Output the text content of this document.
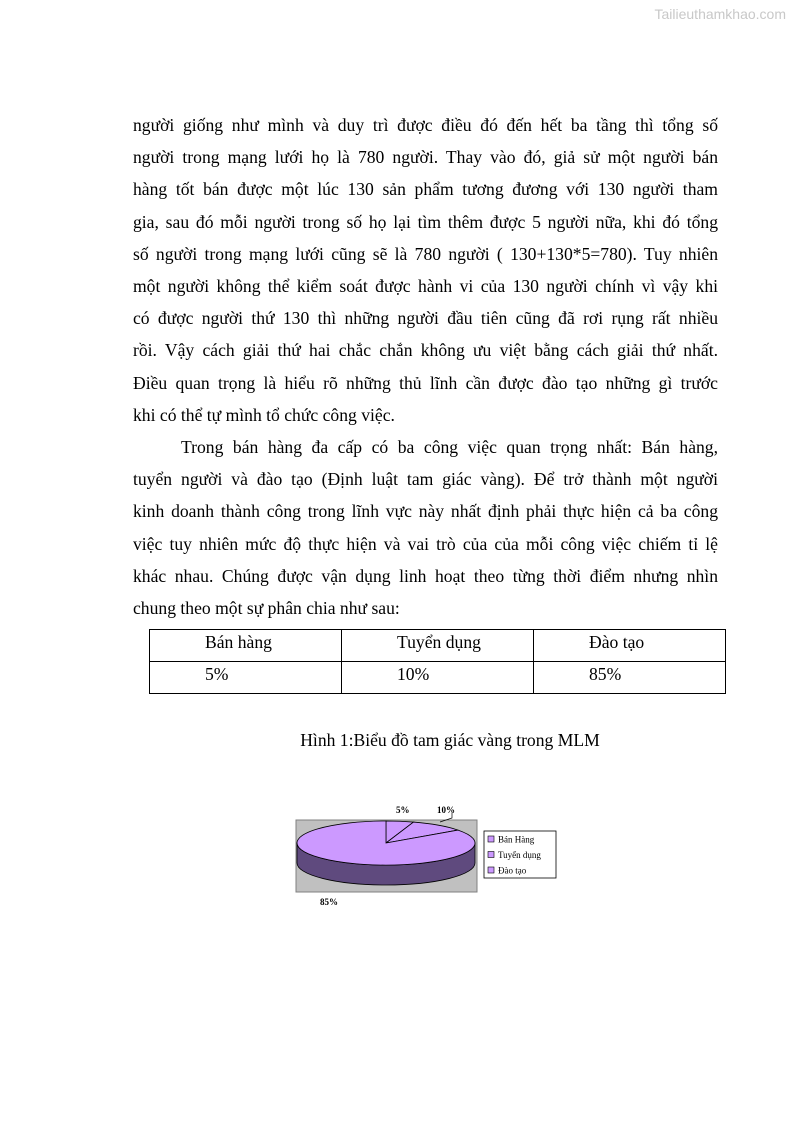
Tailieuthamkhao.com
người giống như mình và duy trì được điều đó đến hết ba tầng thì tổng số
người trong mạng lưới họ là 780 người. Thay vào đó, giả sử một người bán
hàng tốt bán được một lúc 130 sản phẩm tương đương với 130 người tham
gia, sau đó mỗi người trong số họ lại tìm thêm được 5 người nữa, khi đó tổng
số người trong mạng lưới cũng sẽ là 780 người ( 130+130*5=780). Tuy nhiên
một người không thể kiểm soát được hành vi của 130 người chính vì vậy khi
có được người thứ 130 thì những người đầu tiên cũng đã rơi rụng rất nhiều
rồi. Vậy cách giải thứ hai chắc chắn không ưu việt bằng cách giải thứ nhất.
Điều quan trọng là hiểu rõ những thủ lĩnh cần được đào tạo những gì trước
khi có thể tự mình tổ chức công việc.
Trong bán hàng đa cấp có ba công việc quan trọng nhất: Bán hàng,
tuyển người và đào tạo (Định luật tam giác vàng). Để trở thành một người
kinh doanh thành công trong lĩnh vực này nhất định phải thực hiện cả ba công
việc tuy nhiên mức độ thực hiện và vai trò của của mỗi công việc chiếm tỉ lệ
khác nhau. Chúng được vận dụng linh hoạt theo từng thời điểm nhưng nhìn
chung theo một sự phân chia như sau:
Bán hàng	Tuyển dụng	Đào tạo
5%	10%	85%
Hình 1:Biểu đồ tam giác vàng trong MLM
5%	10%
85%
Bán Hàng
Tuyển dụng
Đào tạo
